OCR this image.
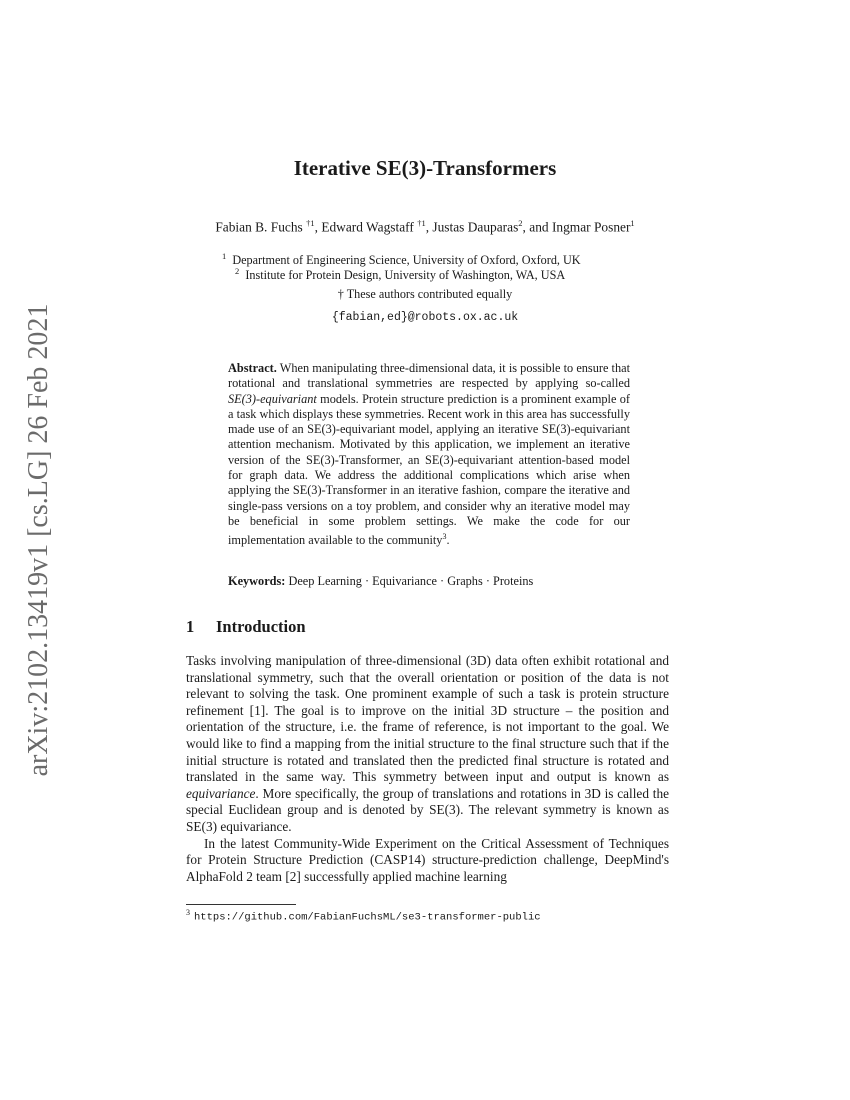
arXiv:2102.13419v1 [cs.LG] 26 Feb 2021
Iterative SE(3)-Transformers
Fabian B. Fuchs $^{\dagger 1}$, Edward Wagstaff $^{\dagger 1}$, Justas Dauparas$^2$, and Ingmar Posner$^1$
$^1$ Department of Engineering Science, University of Oxford, Oxford, UK
$^2$ Institute for Protein Design, University of Washington, WA, USA
† These authors contributed equally
{fabian,ed}@robots.ox.ac.uk
Abstract. When manipulating three-dimensional data, it is possible to ensure that rotational and translational symmetries are respected by applying so-called SE(3)-equivariant models. Protein structure prediction is a prominent example of a task which displays these symmetries. Recent work in this area has successfully made use of an SE(3)-equivariant model, applying an iterative SE(3)-equivariant attention mechanism. Motivated by this application, we implement an iterative version of the SE(3)-Transformer, an SE(3)-equivariant attention-based model for graph data. We address the additional complications which arise when applying the SE(3)-Transformer in an iterative fashion, compare the iterative and single-pass versions on a toy problem, and consider why an iterative model may be beneficial in some problem settings. We make the code for our implementation available to the community$^3$.
Keywords: Deep Learning · Equivariance · Graphs · Proteins
1 Introduction

Tasks involving manipulation of three-dimensional (3D) data often exhibit rotational and translational symmetry, such that the overall orientation or position of the data is not relevant to solving the task. One prominent example of such a task is protein structure refinement [1]. The goal is to improve on the initial 3D structure – the position and orientation of the structure, i.e. the frame of reference, is not important to the goal. We would like to find a mapping from the initial structure to the final structure such that if the initial structure is rotated and translated then the predicted final structure is rotated and translated in the same way. This symmetry between input and output is known as equivariance. More specifically, the group of translations and rotations in 3D is called the special Euclidean group and is denoted by SE(3). The relevant symmetry is known as SE(3) equivariance.

In the latest Community-Wide Experiment on the Critical Assessment of Techniques for Protein Structure Prediction (CASP14) structure-prediction challenge, DeepMind's AlphaFold 2 team [2] successfully applied machine learning

$^3$ https://github.com/FabianFuchsML/se3-transformer-public
